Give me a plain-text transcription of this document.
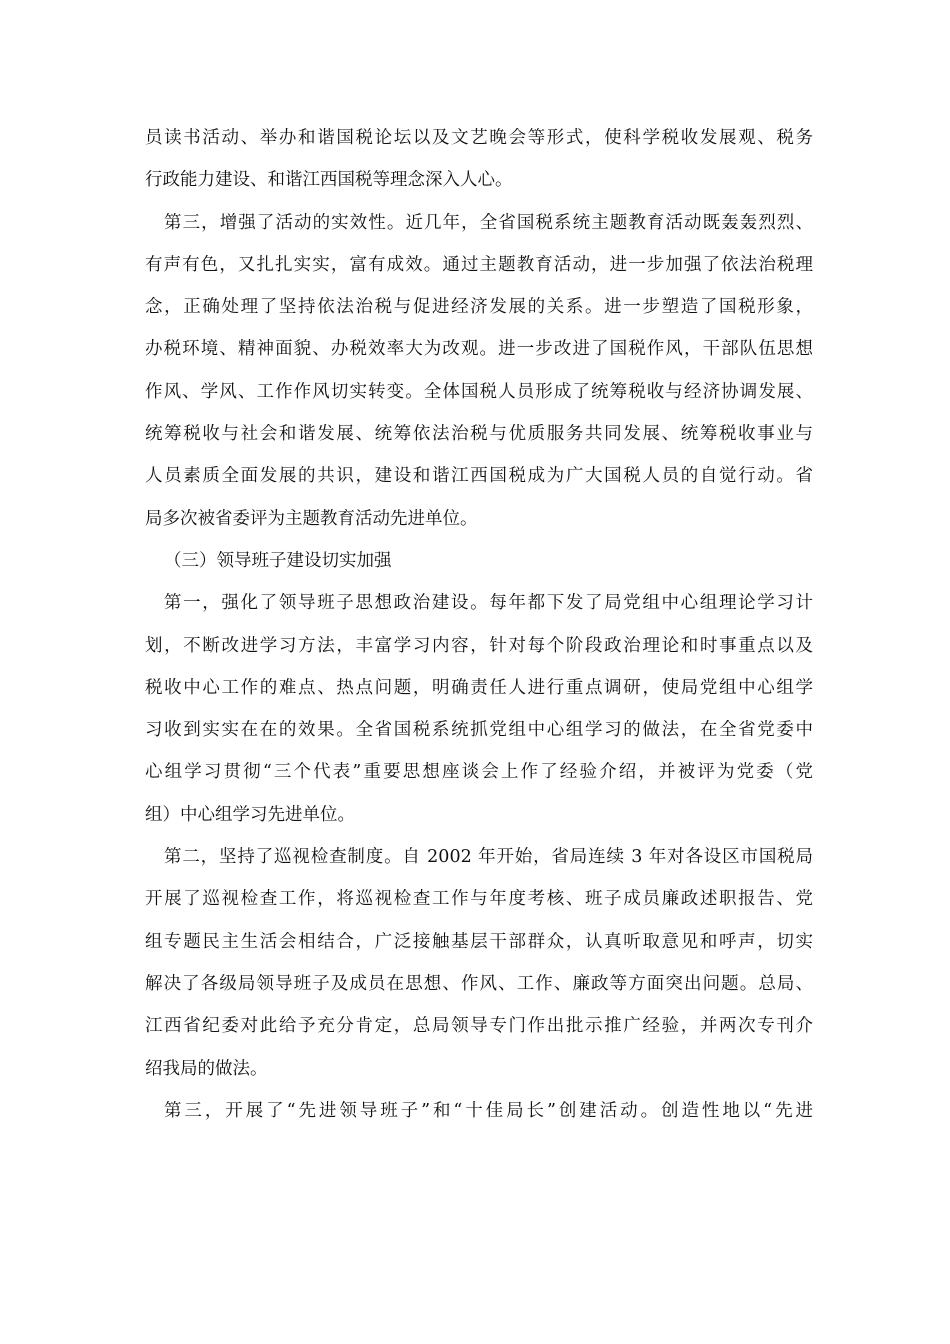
员读书活动、举办和谐国税论坛以及文艺晚会等形式，使科学税收发展观、税务
行政能力建设、和谐江西国税等理念深入人心。
第三，增强了活动的实效性。近几年，全省国税系统主题教育活动既轰轰烈烈、
有声有色，又扎扎实实，富有成效。通过主题教育活动，进一步加强了依法治税理
念，正确处理了坚持依法治税与促进经济发展的关系。进一步塑造了国税形象，
办税环境、精神面貌、办税效率大为改观。进一步改进了国税作风，干部队伍思想
作风、学风、工作作风切实转变。全体国税人员形成了统筹税收与经济协调发展、
统筹税收与社会和谐发展、统筹依法治税与优质服务共同发展、统筹税收事业与
人员素质全面发展的共识，建设和谐江西国税成为广大国税人员的自觉行动。省
局多次被省委评为主题教育活动先进单位。
（三）领导班子建设切实加强
第一，强化了领导班子思想政治建设。每年都下发了局党组中心组理论学习计
划，不断改进学习方法，丰富学习内容，针对每个阶段政治理论和时事重点以及
税收中心工作的难点、热点问题，明确责任人进行重点调研，使局党组中心组学
习收到实实在在的效果。全省国税系统抓党组中心组学习的做法，在全省党委中
心组学习贯彻“三个代表”重要思想座谈会上作了经验介绍，并被评为党委（党
组）中心组学习先进单位。
第二，坚持了巡视检查制度。自 2002 年开始，省局连续 3 年对各设区市国税局
开展了巡视检查工作，将巡视检查工作与年度考核、班子成员廉政述职报告、党
组专题民主生活会相结合，广泛接触基层干部群众，认真听取意见和呼声，切实
解决了各级局领导班子及成员在思想、作风、工作、廉政等方面突出问题。总局、
江西省纪委对此给予充分肯定，总局领导专门作出批示推广经验，并两次专刊介
绍我局的做法。
第三，开展了“先进领导班子”和“十佳局长”创建活动。创造性地以“先进
